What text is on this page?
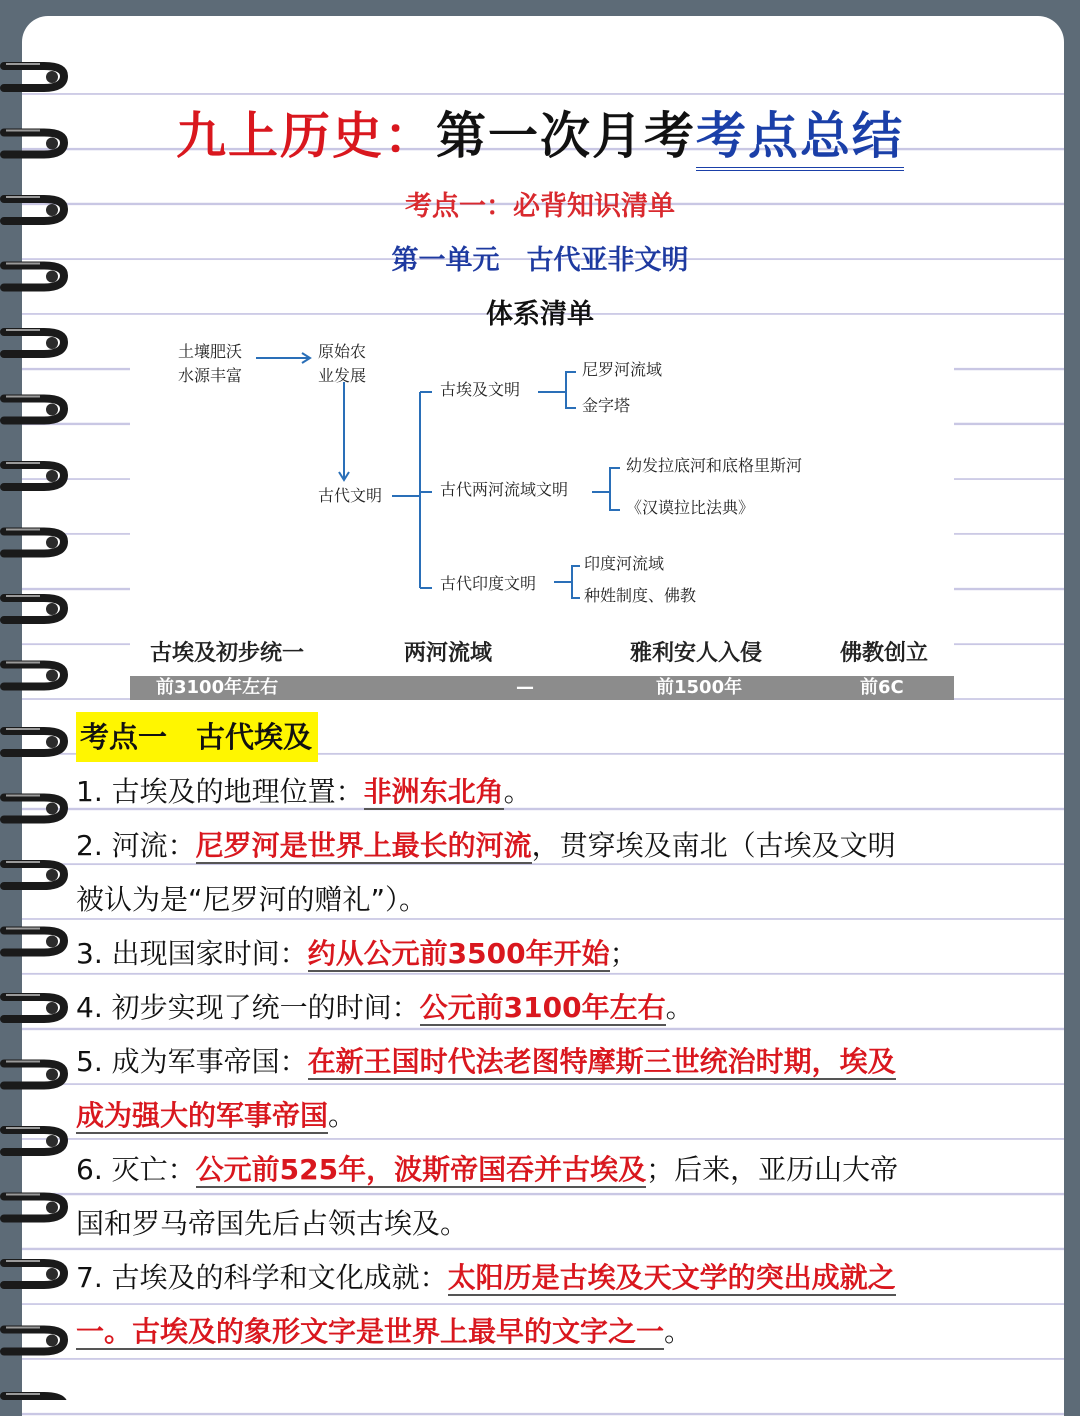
九上历史：第一次月考考点总结
考点一：必背知识清单
第一单元　古代亚非文明
体系清单
土壤肥沃
水源丰富
原始农
业发展
古代文明
古埃及文明
尼罗河流域
金字塔
古代两河流域文明
幼发拉底河和底格里斯河
《汉谟拉比法典》
古代印度文明
印度河流域
种姓制度、佛教
古埃及初步统一	两河流域	雅利安人入侵	佛教创立
前3100年左右	—	前1500年	前6C
考点一　古代埃及
1. 古埃及的地理位置：非洲东北角。
2. 河流：尼罗河是世界上最长的河流，贯穿埃及南北（古埃及文明
被认为是“尼罗河的赠礼”）。
3. 出现国家时间：约从公元前3500年开始；
4. 初步实现了统一的时间：公元前3100年左右。
5. 成为军事帝国：在新王国时代法老图特摩斯三世统治时期，埃及
成为强大的军事帝国。
6. 灭亡：公元前525年，波斯帝国吞并古埃及；后来，亚历山大帝
国和罗马帝国先后占领古埃及。
7. 古埃及的科学和文化成就：太阳历是古埃及天文学的突出成就之
一。古埃及的象形文字是世界上最早的文字之一。
